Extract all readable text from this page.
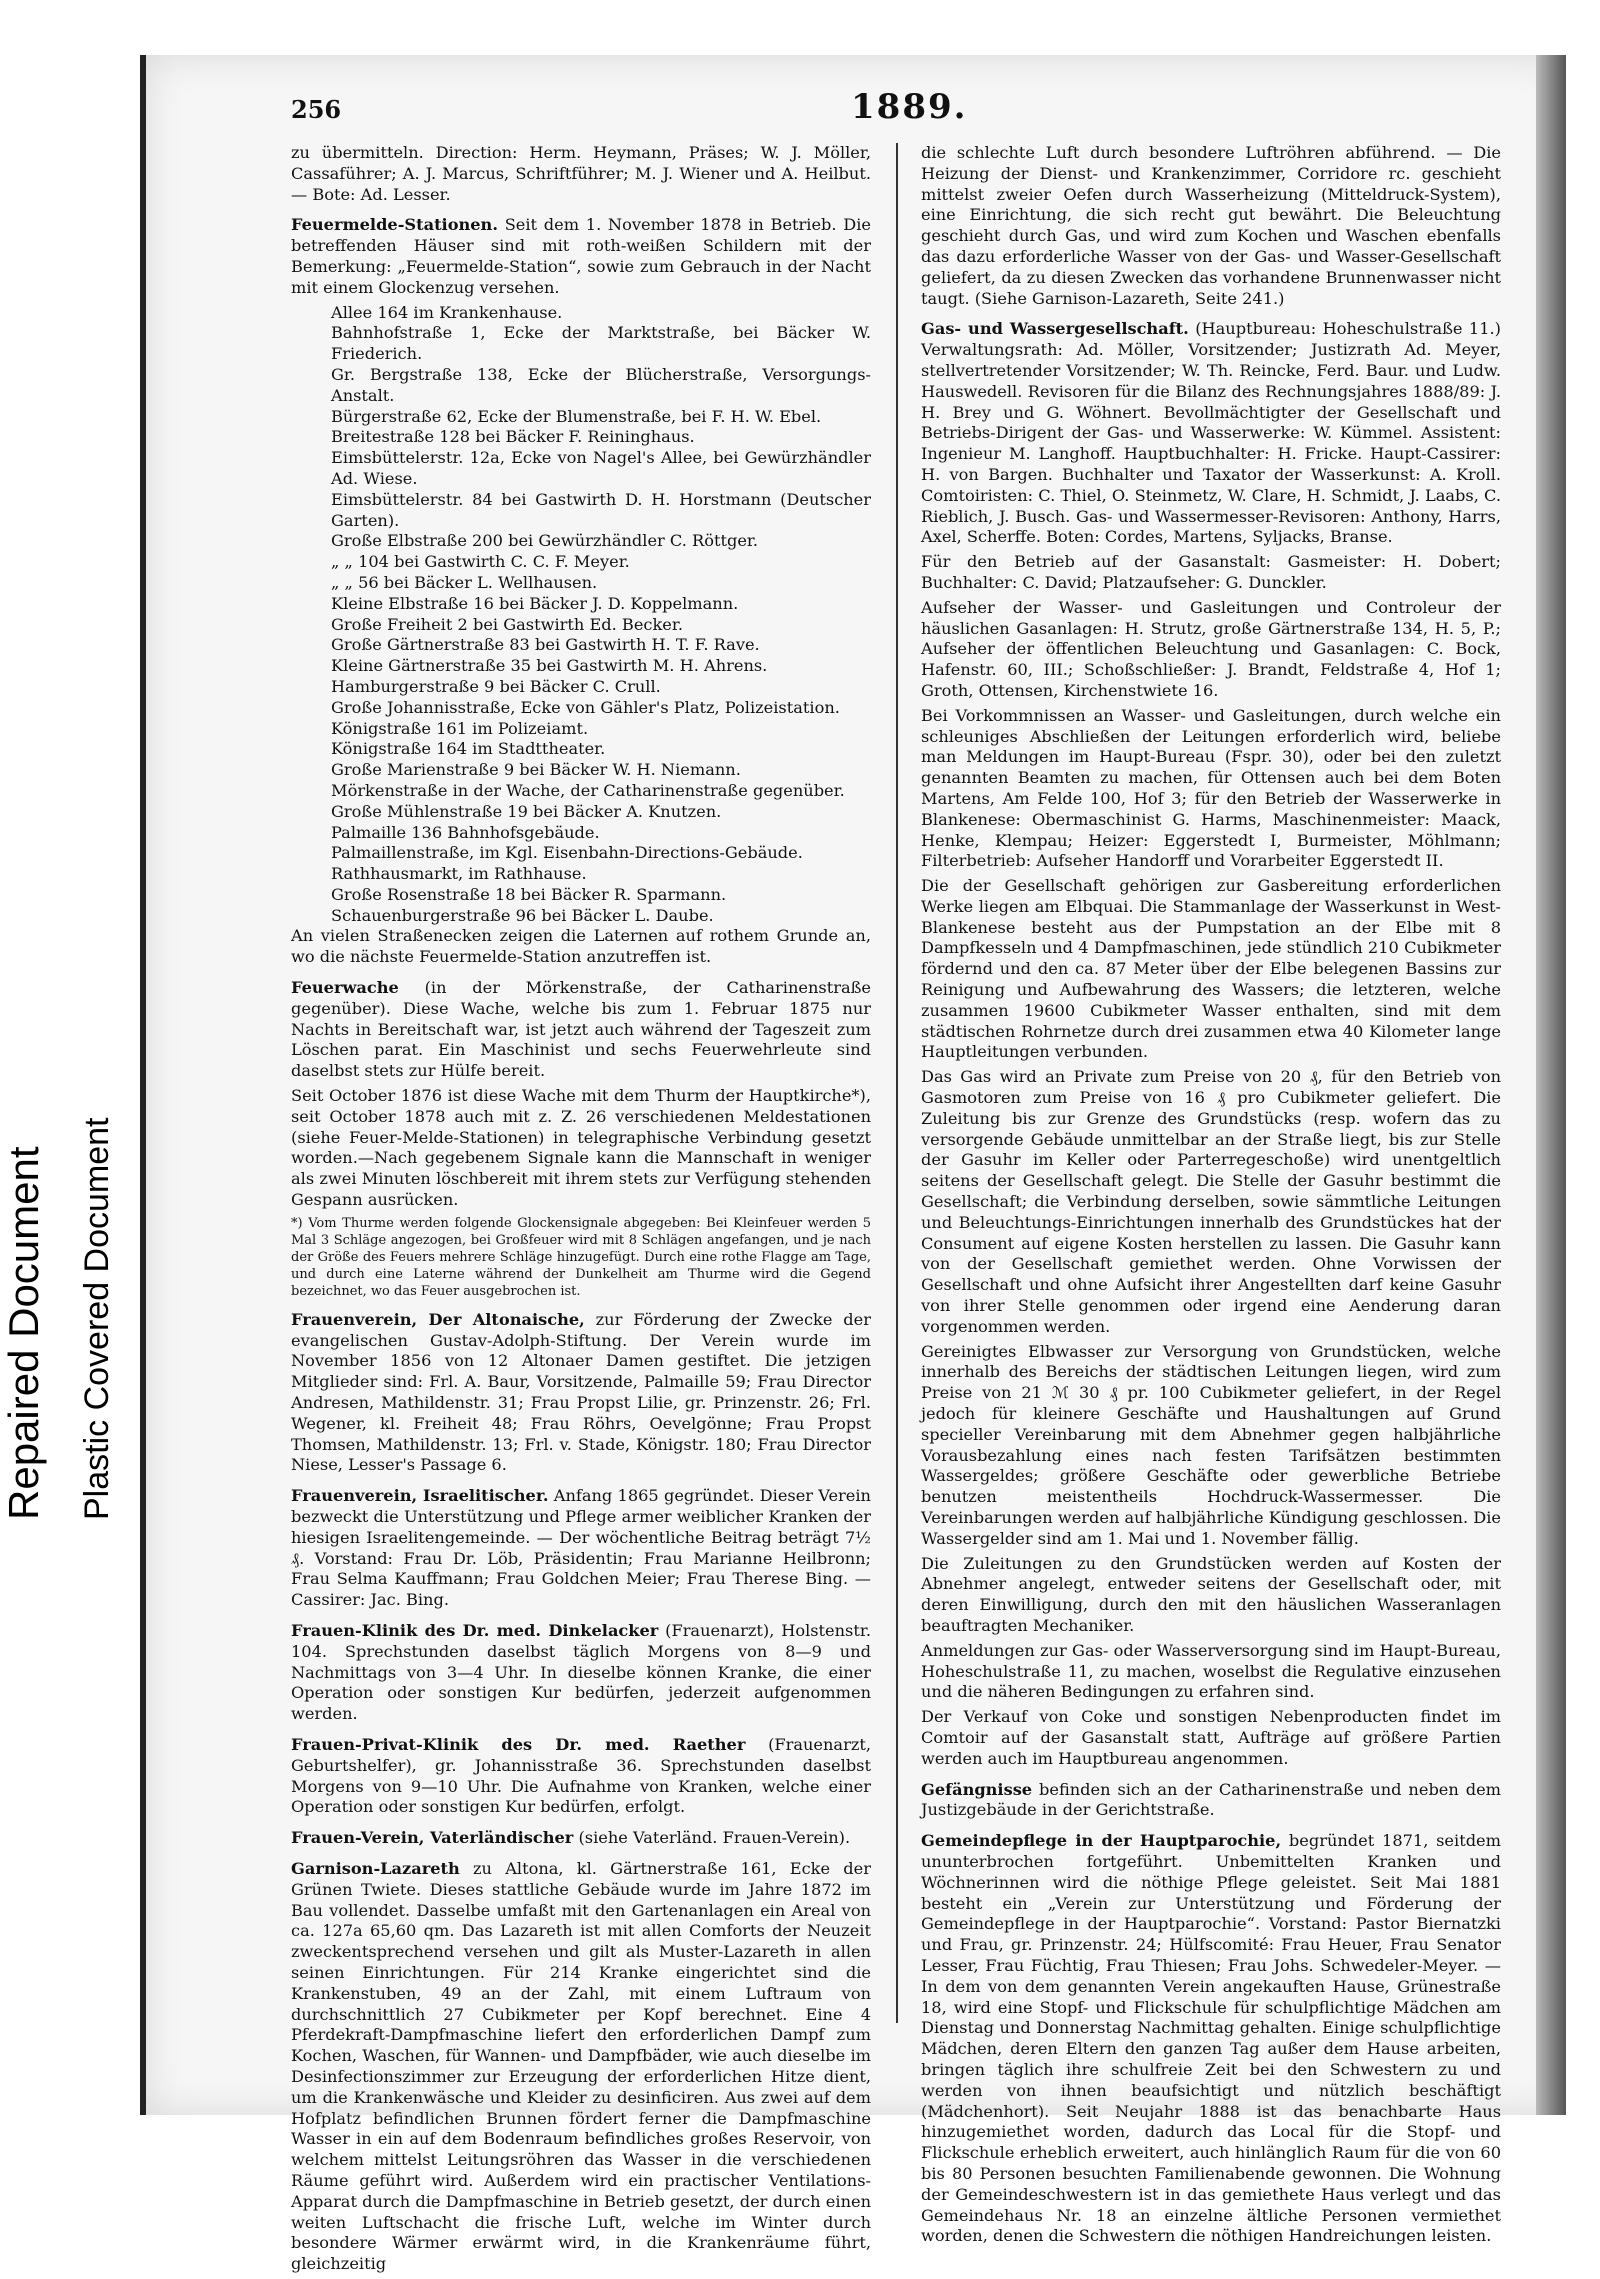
Repaired Document Plastic Covered Document
256	1889.

zu übermitteln. Direction: Herm. Heymann, Präses; W. J. Möller, Cassaführer; A. J. Marcus, Schriftführer; M. J. Wiener und A. Heilbut. — Bote: Ad. Lesser.

Feuermelde-Stationen. Seit dem 1. November 1878 in Betrieb. Die betreffenden Häuser sind mit roth-weißen Schildern mit der Bemerkung: „Feuermelde-Station“, sowie zum Gebrauch in der Nacht mit einem Glockenzug versehen.

Allee 164 im Krankenhause.
Bahnhofstraße 1, Ecke der Marktstraße, bei Bäcker W. Friederich.
Gr. Bergstraße 138, Ecke der Blücherstraße, Versorgungs-Anstalt.
Bürgerstraße 62, Ecke der Blumenstraße, bei F. H. W. Ebel.
Breitestraße 128 bei Bäcker F. Reininghaus.
Eimsbüttelerstr. 12a, Ecke von Nagel's Allee, bei Gewürzhändler Ad. Wiese.
Eimsbüttelerstr. 84 bei Gastwirth D. H. Horstmann (Deutscher Garten).
Große Elbstraße 200 bei Gewürzhändler C. Röttger.
„ „ 104 bei Gastwirth C. C. F. Meyer.
„ „ 56 bei Bäcker L. Wellhausen.
Kleine Elbstraße 16 bei Bäcker J. D. Koppelmann.
Große Freiheit 2 bei Gastwirth Ed. Becker.
Große Gärtnerstraße 83 bei Gastwirth H. T. F. Rave.
Kleine Gärtnerstraße 35 bei Gastwirth M. H. Ahrens.
Hamburgerstraße 9 bei Bäcker C. Crull.
Große Johannisstraße, Ecke von Gähler's Platz, Polizeistation.
Königstraße 161 im Polizeiamt.
Königstraße 164 im Stadttheater.
Große Marienstraße 9 bei Bäcker W. H. Niemann.
Mörkenstraße in der Wache, der Catharinenstraße gegenüber.
Große Mühlenstraße 19 bei Bäcker A. Knutzen.
Palmaille 136 Bahnhofsgebäude.
Palmaillenstraße, im Kgl. Eisenbahn-Directions-Gebäude.
Rathhausmarkt, im Rathhause.
Große Rosenstraße 18 bei Bäcker R. Sparmann.
Schauenburgerstraße 96 bei Bäcker L. Daube.

An vielen Straßenecken zeigen die Laternen auf rothem Grunde an, wo die nächste Feuermelde-Station anzutreffen ist.

Feuerwache (in der Mörkenstraße, der Catharinenstraße gegenüber). Diese Wache, welche bis zum 1. Februar 1875 nur Nachts in Bereitschaft war, ist jetzt auch während der Tageszeit zum Löschen parat. Ein Maschinist und sechs Feuerwehrleute sind daselbst stets zur Hülfe bereit.

Seit October 1876 ist diese Wache mit dem Thurm der Hauptkirche*), seit October 1878 auch mit z. Z. 26 verschiedenen Meldestationen (siehe Feuer-Melde-Stationen) in telegraphische Verbindung gesetzt worden.—Nach gegebenem Signale kann die Mannschaft in weniger als zwei Minuten löschbereit mit ihrem stets zur Verfügung stehenden Gespann ausrücken.

*) Vom Thurme werden folgende Glockensignale abgegeben: Bei Kleinfeuer werden 5 Mal 3 Schläge angezogen, bei Großfeuer wird mit 8 Schlägen angefangen, und je nach der Größe des Feuers mehrere Schläge hinzugefügt. Durch eine rothe Flagge am Tage, und durch eine Laterne während der Dunkelheit am Thurme wird die Gegend bezeichnet, wo das Feuer ausgebrochen ist.

Frauenverein, Der Altonaische, zur Förderung der Zwecke der evangelischen Gustav-Adolph-Stiftung. Der Verein wurde im November 1856 von 12 Altonaer Damen gestiftet. Die jetzigen Mitglieder sind: Frl. A. Baur, Vorsitzende, Palmaille 59; Frau Director Andresen, Mathildenstr. 31; Frau Propst Lilie, gr. Prinzenstr. 26; Frl. Wegener, kl. Freiheit 48; Frau Röhrs, Oevelgönne; Frau Propst Thomsen, Mathildenstr. 13; Frl. v. Stade, Königstr. 180; Frau Director Niese, Lesser's Passage 6.

Frauenverein, Israelitischer. Anfang 1865 gegründet. Dieser Verein bezweckt die Unterstützung und Pflege armer weiblicher Kranken der hiesigen Israelitengemeinde. — Der wöchentliche Beitrag beträgt 7½ ₰. Vorstand: Frau Dr. Löb, Präsidentin; Frau Marianne Heilbronn; Frau Selma Kauffmann; Frau Goldchen Meier; Frau Therese Bing. — Cassirer: Jac. Bing.

Frauen-Klinik des Dr. med. Dinkelacker (Frauenarzt), Holstenstr. 104. Sprechstunden daselbst täglich Morgens von 8—9 und Nachmittags von 3—4 Uhr. In dieselbe können Kranke, die einer Operation oder sonstigen Kur bedürfen, jederzeit aufgenommen werden.

Frauen-Privat-Klinik des Dr. med. Raether (Frauenarzt, Geburtshelfer), gr. Johannisstraße 36. Sprechstunden daselbst Morgens von 9—10 Uhr. Die Aufnahme von Kranken, welche einer Operation oder sonstigen Kur bedürfen, erfolgt.

Frauen-Verein, Vaterländischer (siehe Vaterländ. Frauen-Verein).

Garnison-Lazareth zu Altona, kl. Gärtnerstraße 161, Ecke der Grünen Twiete. Dieses stattliche Gebäude wurde im Jahre 1872 im Bau vollendet. Dasselbe umfaßt mit den Gartenanlagen ein Areal von ca. 127a 65,60 qm. Das Lazareth ist mit allen Comforts der Neuzeit zweckentsprechend versehen und gilt als Muster-Lazareth in allen seinen Einrichtungen. Für 214 Kranke eingerichtet sind die Krankenstuben, 49 an der Zahl, mit einem Luftraum von durchschnittlich 27 Cubikmeter per Kopf berechnet. Eine 4 Pferdekraft-Dampfmaschine liefert den erforderlichen Dampf zum Kochen, Waschen, für Wannen- und Dampfbäder, wie auch dieselbe im Desinfectionszimmer zur Erzeugung der erforderlichen Hitze dient, um die Krankenwäsche und Kleider zu desinficiren. Aus zwei auf dem Hofplatz befindlichen Brunnen fördert ferner die Dampfmaschine Wasser in ein auf dem Bodenraum befindliches großes Reservoir, von welchem mittelst Leitungsröhren das Wasser in die verschiedenen Räume geführt wird. Außerdem wird ein practischer Ventilations-Apparat durch die Dampfmaschine in Betrieb gesetzt, der durch einen weiten Luftschacht die frische Luft, welche im Winter durch besondere Wärmer erwärmt wird, in die Krankenräume führt, gleichzeitig

die schlechte Luft durch besondere Luftröhren abführend. — Die Heizung der Dienst- und Krankenzimmer, Corridore rc. geschieht mittelst zweier Oefen durch Wasserheizung (Mitteldruck-System), eine Einrichtung, die sich recht gut bewährt. Die Beleuchtung geschieht durch Gas, und wird zum Kochen und Waschen ebenfalls das dazu erforderliche Wasser von der Gas- und Wasser-Gesellschaft geliefert, da zu diesen Zwecken das vorhandene Brunnenwasser nicht taugt. (Siehe Garnison-Lazareth, Seite 241.)

Gas- und Wassergesellschaft. (Hauptbureau: Hoheschulstraße 11.) Verwaltungsrath: Ad. Möller, Vorsitzender; Justizrath Ad. Meyer, stellvertretender Vorsitzender; W. Th. Reincke, Ferd. Baur. und Ludw. Hauswedell. Revisoren für die Bilanz des Rechnungsjahres 1888/89: J. H. Brey und G. Wöhnert. Bevollmächtigter der Gesellschaft und Betriebs-Dirigent der Gas- und Wasserwerke: W. Kümmel. Assistent: Ingenieur M. Langhoff. Hauptbuchhalter: H. Fricke. Haupt-Cassirer: H. von Bargen. Buchhalter und Taxator der Wasserkunst: A. Kroll. Comtoiristen: C. Thiel, O. Steinmetz, W. Clare, H. Schmidt, J. Laabs, C. Rieblich, J. Busch. Gas- und Wassermesser-Revisoren: Anthony, Harrs, Axel, Scherffe. Boten: Cordes, Martens, Syljacks, Branse.

Für den Betrieb auf der Gasanstalt: Gasmeister: H. Dobert; Buchhalter: C. David; Platzaufseher: G. Dunckler.

Aufseher der Wasser- und Gasleitungen und Controleur der häuslichen Gasanlagen: H. Strutz, große Gärtnerstraße 134, H. 5, P.; Aufseher der öffentlichen Beleuchtung und Gasanlagen: C. Bock, Hafenstr. 60, III.; Schoßschließer: J. Brandt, Feldstraße 4, Hof 1; Groth, Ottensen, Kirchenstwiete 16.

Bei Vorkommnissen an Wasser- und Gasleitungen, durch welche ein schleuniges Abschließen der Leitungen erforderlich wird, beliebe man Meldungen im Haupt-Bureau (Fspr. 30), oder bei den zuletzt genannten Beamten zu machen, für Ottensen auch bei dem Boten Martens, Am Felde 100, Hof 3; für den Betrieb der Wasserwerke in Blankenese: Obermaschinist G. Harms, Maschinenmeister: Maack, Henke, Klempau; Heizer: Eggerstedt I, Burmeister, Möhlmann; Filterbetrieb: Aufseher Handorff und Vorarbeiter Eggerstedt II.

Die der Gesellschaft gehörigen zur Gasbereitung erforderlichen Werke liegen am Elbquai. Die Stammanlage der Wasserkunst in West-Blankenese besteht aus der Pumpstation an der Elbe mit 8 Dampfkesseln und 4 Dampfmaschinen, jede stündlich 210 Cubikmeter fördernd und den ca. 87 Meter über der Elbe belegenen Bassins zur Reinigung und Aufbewahrung des Wassers; die letzteren, welche zusammen 19600 Cubikmeter Wasser enthalten, sind mit dem städtischen Rohrnetze durch drei zusammen etwa 40 Kilometer lange Hauptleitungen verbunden.

Das Gas wird an Private zum Preise von 20 ₰, für den Betrieb von Gasmotoren zum Preise von 16 ₰ pro Cubikmeter geliefert. Die Zuleitung bis zur Grenze des Grundstücks (resp. wofern das zu versorgende Gebäude unmittelbar an der Straße liegt, bis zur Stelle der Gasuhr im Keller oder Parterregeschoße) wird unentgeltlich seitens der Gesellschaft gelegt. Die Stelle der Gasuhr bestimmt die Gesellschaft; die Verbindung derselben, sowie sämmtliche Leitungen und Beleuchtungs-Einrichtungen innerhalb des Grundstückes hat der Consument auf eigene Kosten herstellen zu lassen. Die Gasuhr kann von der Gesellschaft gemiethet werden. Ohne Vorwissen der Gesellschaft und ohne Aufsicht ihrer Angestellten darf keine Gasuhr von ihrer Stelle genommen oder irgend eine Aenderung daran vorgenommen werden.

Gereinigtes Elbwasser zur Versorgung von Grundstücken, welche innerhalb des Bereichs der städtischen Leitungen liegen, wird zum Preise von 21 ℳ 30 ₰ pr. 100 Cubikmeter geliefert, in der Regel jedoch für kleinere Geschäfte und Haushaltungen auf Grund specieller Vereinbarung mit dem Abnehmer gegen halbjährliche Vorausbezahlung eines nach festen Tarifsätzen bestimmten Wassergeldes; größere Geschäfte oder gewerbliche Betriebe benutzen meistentheils Hochdruck-Wassermesser. Die Vereinbarungen werden auf halbjährliche Kündigung geschlossen. Die Wassergelder sind am 1. Mai und 1. November fällig.

Die Zuleitungen zu den Grundstücken werden auf Kosten der Abnehmer angelegt, entweder seitens der Gesellschaft oder, mit deren Einwilligung, durch den mit den häuslichen Wasseranlagen beauftragten Mechaniker.

Anmeldungen zur Gas- oder Wasserversorgung sind im Haupt-Bureau, Hoheschulstraße 11, zu machen, woselbst die Regulative einzusehen und die näheren Bedingungen zu erfahren sind.

Der Verkauf von Coke und sonstigen Nebenproducten findet im Comtoir auf der Gasanstalt statt, Aufträge auf größere Partien werden auch im Hauptbureau angenommen.

Gefängnisse befinden sich an der Catharinenstraße und neben dem Justizgebäude in der Gerichtstraße.

Gemeindepflege in der Hauptparochie, begründet 1871, seitdem ununterbrochen fortgeführt. Unbemittelten Kranken und Wöchnerinnen wird die nöthige Pflege geleistet. Seit Mai 1881 besteht ein „Verein zur Unterstützung und Förderung der Gemeindepflege in der Hauptparochie“. Vorstand: Pastor Biernatzki und Frau, gr. Prinzenstr. 24; Hülfscomité: Frau Heuer, Frau Senator Lesser, Frau Füchtig, Frau Thiesen; Frau Johs. Schwedeler-Meyer. — In dem von dem genannten Verein angekauften Hause, Grünestraße 18, wird eine Stopf- und Flickschule für schulpflichtige Mädchen am Dienstag und Donnerstag Nachmittag gehalten. Einige schulpflichtige Mädchen, deren Eltern den ganzen Tag außer dem Hause arbeiten, bringen täglich ihre schulfreie Zeit bei den Schwestern zu und werden von ihnen beaufsichtigt und nützlich beschäftigt (Mädchenhort). Seit Neujahr 1888 ist das benachbarte Haus hinzugemiethet worden, dadurch das Local für die Stopf- und Flickschule erheblich erweitert, auch hinlänglich Raum für die von 60 bis 80 Personen besuchten Familienabende gewonnen. Die Wohnung der Gemeindeschwestern ist in das gemiethete Haus verlegt und das Gemeindehaus Nr. 18 an einzelne ältliche Personen vermiethet worden, denen die Schwestern die nöthigen Handreichungen leisten.
